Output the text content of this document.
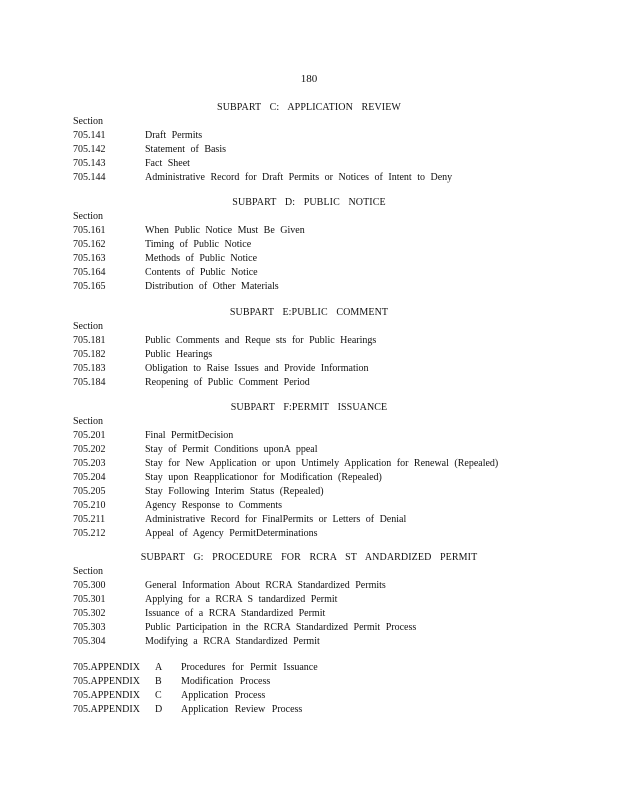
180
SUBPART C: APPLICATION REVIEW
Section
705.141	Draft Permits
705.142	Statement of Basis
705.143	Fact Sheet
705.144	Administrative Record for Draft Permits or Notices of Intent to Deny
SUBPART D: PUBLIC NOTICE
Section
705.161	When Public Notice Must Be Given
705.162	Timing of Public Notice
705.163	Methods of Public Notice
705.164	Contents of Public Notice
705.165	Distribution of Other Materials
SUBPART E:PUBLIC COMMENT
Section
705.181	Public Comments and Reque sts for Public Hearings
705.182	Public Hearings
705.183	Obligation to Raise Issues and Provide Information
705.184	Reopening of Public Comment Period
SUBPART F:PERMIT ISSUANCE
Section
705.201	Final PermitDecision
705.202	Stay of Permit Conditions uponA ppeal
705.203	Stay for New Application or upon Untimely Application for Renewal (Repealed)
705.204	Stay upon Reapplicationor for Modification (Repealed)
705.205	Stay Following Interim Status (Repealed)
705.210	Agency Response to Comments
705.211	Administrative Record for FinalPermits or Letters of Denial
705.212	Appeal of Agency PermitDeterminations
SUBPART G: PROCEDURE FOR RCRA ST ANDARDIZED PERMIT
Section
705.300	General Information About RCRA Standardized Permits
705.301	Applying for a RCRA S tandardized Permit
705.302	Issuance of a RCRA Standardized Permit
705.303	Public Participation in the RCRA Standardized Permit Process
705.304	Modifying a RCRA Standardized Permit
705.APPENDIX A Procedures for Permit Issuance
705.APPENDIX B Modification Process
705.APPENDIX C Application Process
705.APPENDIX D Application Review Process
